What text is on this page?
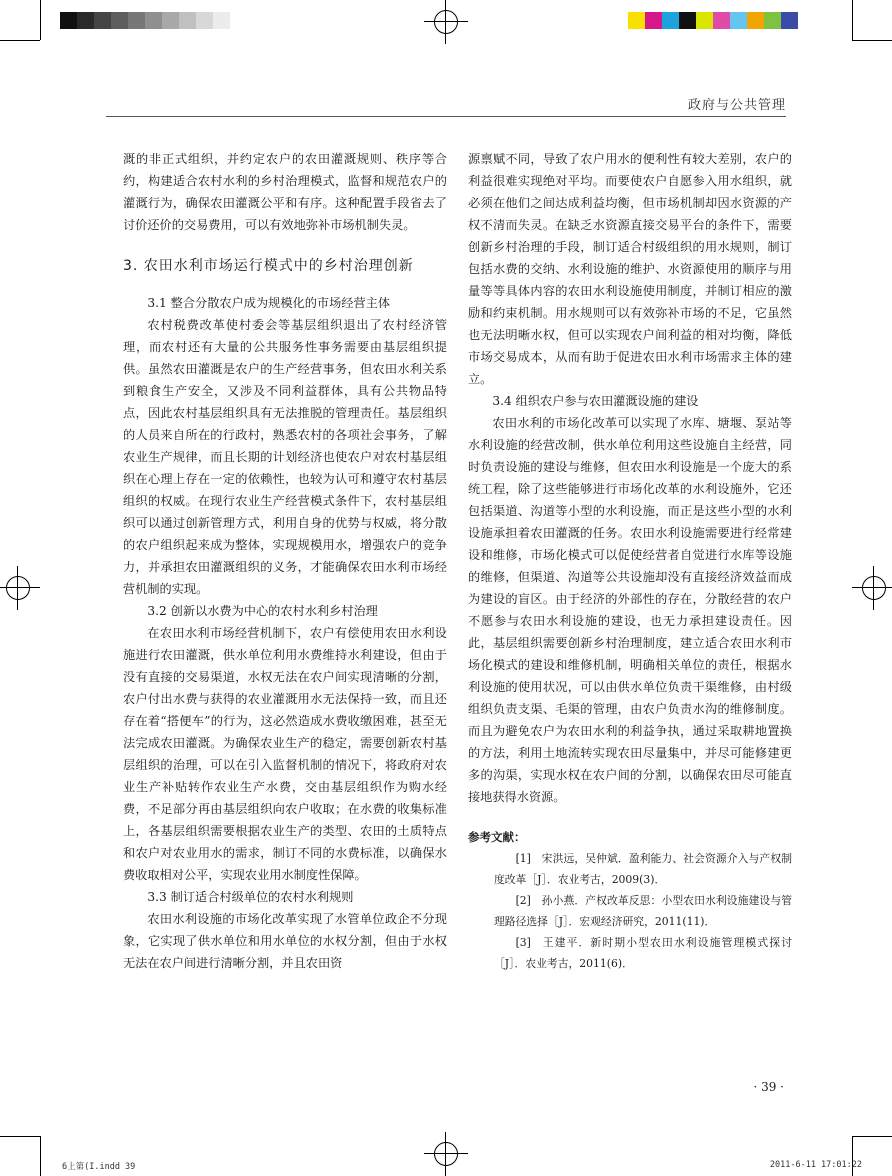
政府与公共管理

溉的非正式组织，并约定农户的农田灌溉规则、秩序等合约，构建适合农村水利的乡村治理模式，监督和规范农户的灌溉行为，确保农田灌溉公平和有序。这种配置手段省去了讨价还价的交易费用，可以有效地弥补市场机制失灵。

3. 农田水利市场运行模式中的乡村治理创新

3.1 整合分散农户成为规模化的市场经营主体

农村税费改革使村委会等基层组织退出了农村经济管理，而农村还有大量的公共服务性事务需要由基层组织提供。虽然农田灌溉是农户的生产经营事务，但农田水利关系到粮食生产安全，又涉及不同利益群体，具有公共物品特点，因此农村基层组织具有无法推脱的管理责任。基层组织的人员来自所在的行政村，熟悉农村的各项社会事务，了解农业生产规律，而且长期的计划经济也使农户对农村基层组织在心理上存在一定的依赖性，也较为认可和遵守农村基层组织的权威。在现行农业生产经营模式条件下，农村基层组织可以通过创新管理方式，利用自身的优势与权威，将分散的农户组织起来成为整体，实现规模用水，增强农户的竞争力，并承担农田灌溉组织的义务，才能确保农田水利市场经营机制的实现。

3.2 创新以水费为中心的农村水利乡村治理

在农田水利市场经营机制下，农户有偿使用农田水利设施进行农田灌溉，供水单位利用水费维持水利建设，但由于没有直接的交易渠道，水权无法在农户间实现清晰的分割，农户付出水费与获得的农业灌溉用水无法保持一致，而且还存在着“搭便车”的行为，这必然造成水费收缴困难，甚至无法完成农田灌溉。为确保农业生产的稳定，需要创新农村基层组织的治理，可以在引入监督机制的情况下，将政府对农业生产补贴转作农业生产水费，交由基层组织作为购水经费，不足部分再由基层组织向农户收取；在水费的收集标准上，各基层组织需要根据农业生产的类型、农田的土质特点和农户对农业用水的需求，制订不同的水费标准，以确保水费收取相对公平，实现农业用水制度性保障。

3.3 制订适合村级单位的农村水利规则

农田水利设施的市场化改革实现了水管单位政企不分现象，它实现了供水单位和用水单位的水权分割，但由于水权无法在农户间进行清晰分割，并且农田资

源禀赋不同，导致了农户用水的便利性有较大差别，农户的利益很难实现绝对平均。而要使农户自愿参入用水组织，就必须在他们之间达成利益均衡，但市场机制却因水资源的产权不清而失灵。在缺乏水资源直接交易平台的条件下，需要创新乡村治理的手段，制订适合村级组织的用水规则，制订包括水费的交纳、水利设施的维护、水资源使用的顺序与用量等等具体内容的农田水利设施使用制度，并制订相应的激励和约束机制。用水规则可以有效弥补市场的不足，它虽然也无法明晰水权，但可以实现农户间利益的相对均衡，降低市场交易成本，从而有助于促进农田水利市场需求主体的建立。

3.4 组织农户参与农田灌溉设施的建设

农田水利的市场化改革可以实现了水库、塘堰、泵站等水利设施的经营改制，供水单位利用这些设施自主经营，同时负责设施的建设与维修，但农田水利设施是一个庞大的系统工程，除了这些能够进行市场化改革的水利设施外，它还包括渠道、沟道等小型的水利设施，而正是这些小型的水利设施承担着农田灌溉的任务。农田水利设施需要进行经常建设和维修，市场化模式可以促使经营者自觉进行水库等设施的维修，但渠道、沟道等公共设施却没有直接经济效益而成为建设的盲区。由于经济的外部性的存在，分散经营的农户不愿参与农田水利设施的建设，也无力承担建设责任。因此，基层组织需要创新乡村治理制度，建立适合农田水利市场化模式的建设和维修机制，明确相关单位的责任，根据水利设施的使用状况，可以由供水单位负责干渠维修，由村级组织负责支渠、毛渠的管理，由农户负责水沟的维修制度。而且为避免农户为农田水利的利益争执，通过采取耕地置换的方法，利用土地流转实现农田尽量集中，并尽可能修建更多的沟渠，实现水权在农户间的分割，以确保农田尽可能直接地获得水资源。

参考文献：

[1] 宋洪远，吴仲斌．盈利能力、社会资源介入与产权制度改革［J］．农业考古，2009(3)．

[2] 孙小燕．产权改革反思：小型农田水利设施建设与管理路径选择［J］．宏观经济研究，2011(11)．

[3] 王建平．新时期小型农田水利设施管理模式探讨［J］．农业考古，2011(6)．

· 39 ·
6上第(I.indd 39	2011-6-11 17:01:22
